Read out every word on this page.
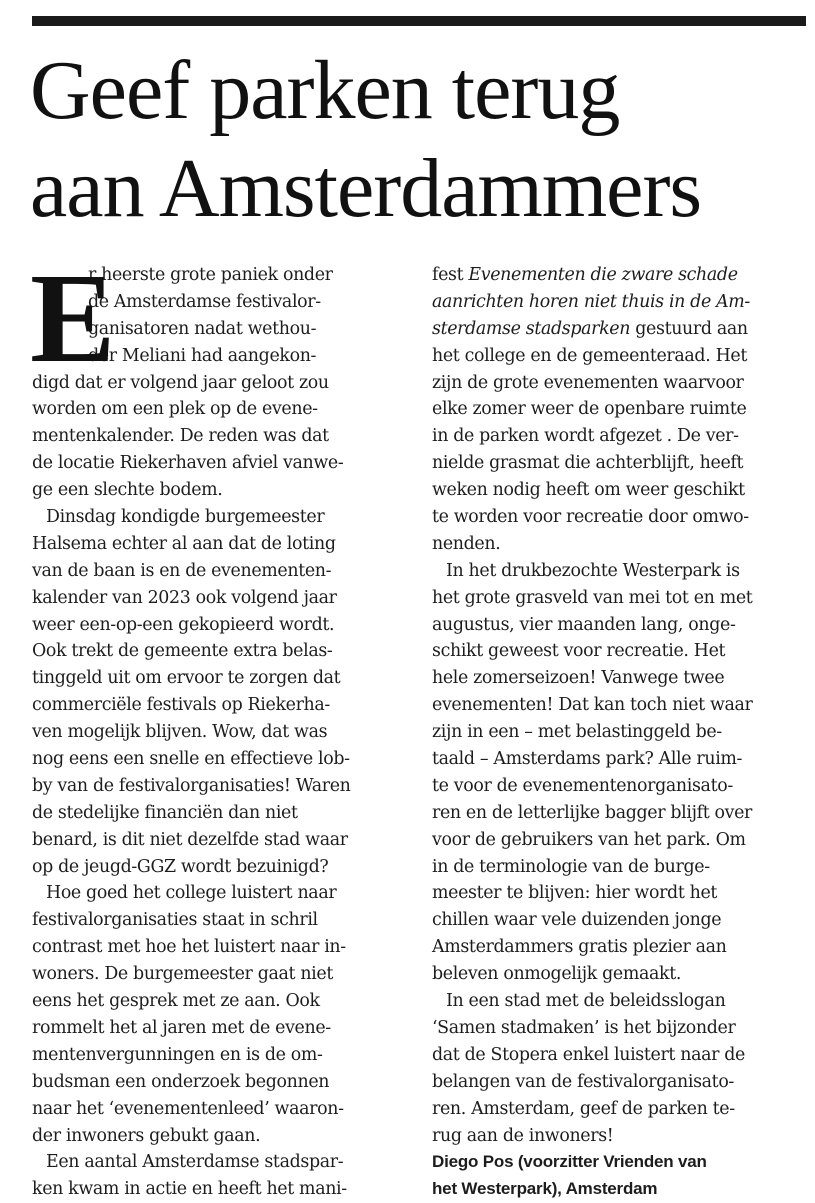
Geef parken terug
aan Amsterdammers
E
r heerste grote paniek onder
de Amsterdamse festivalor-
ganisatoren nadat wethou-
der Meliani had aangekon-
digd dat er volgend jaar geloot zou
worden om een plek op de evene-
mentenkalender. De reden was dat
de locatie Riekerhaven afviel vanwe-
ge een slechte bodem.
Dinsdag kondigde burgemeester
Halsema echter al aan dat de loting
van de baan is en de evenementen-
kalender van 2023 ook volgend jaar
weer een-op-een gekopieerd wordt.
Ook trekt de gemeente extra belas-
tinggeld uit om ervoor te zorgen dat
commerciële festivals op Riekerha-
ven mogelijk blijven. Wow, dat was
nog eens een snelle en effectieve lob-
by van de festivalorganisaties! Waren
de stedelijke financiën dan niet
benard, is dit niet dezelfde stad waar
op de jeugd-GGZ wordt bezuinigd?
Hoe goed het college luistert naar
festivalorganisaties staat in schril
contrast met hoe het luistert naar in-
woners. De burgemeester gaat niet
eens het gesprek met ze aan. Ook
rommelt het al jaren met de evene-
mentenvergunningen en is de om-
budsman een onderzoek begonnen
naar het ‘evenementenleed’ waaron-
der inwoners gebukt gaan.
Een aantal Amsterdamse stadspar-
ken kwam in actie en heeft het mani-
fest Evenementen die zware schade
aanrichten horen niet thuis in de Am-
sterdamse stadsparken gestuurd aan
het college en de gemeenteraad. Het
zijn de grote evenementen waarvoor
elke zomer weer de openbare ruimte
in de parken wordt afgezet . De ver-
nielde grasmat die achterblijft, heeft
weken nodig heeft om weer geschikt
te worden voor recreatie door omwo-
nenden.
In het drukbezochte Westerpark is
het grote grasveld van mei tot en met
augustus, vier maanden lang, onge-
schikt geweest voor recreatie. Het
hele zomerseizoen! Vanwege twee
evenementen! Dat kan toch niet waar
zijn in een – met belastinggeld be-
taald – Amsterdams park? Alle ruim-
te voor de evenementenorganisato-
ren en de letterlijke bagger blijft over
voor de gebruikers van het park. Om
in de terminologie van de burge-
meester te blijven: hier wordt het
chillen waar vele duizenden jonge
Amsterdammers gratis plezier aan
beleven onmogelijk gemaakt.
In een stad met de beleidsslogan
‘Samen stadmaken’ is het bijzonder
dat de Stopera enkel luistert naar de
belangen van de festivalorganisato-
ren. Amsterdam, geef de parken te-
rug aan de inwoners!
Diego Pos (voorzitter Vrienden van
het Westerpark), Amsterdam
